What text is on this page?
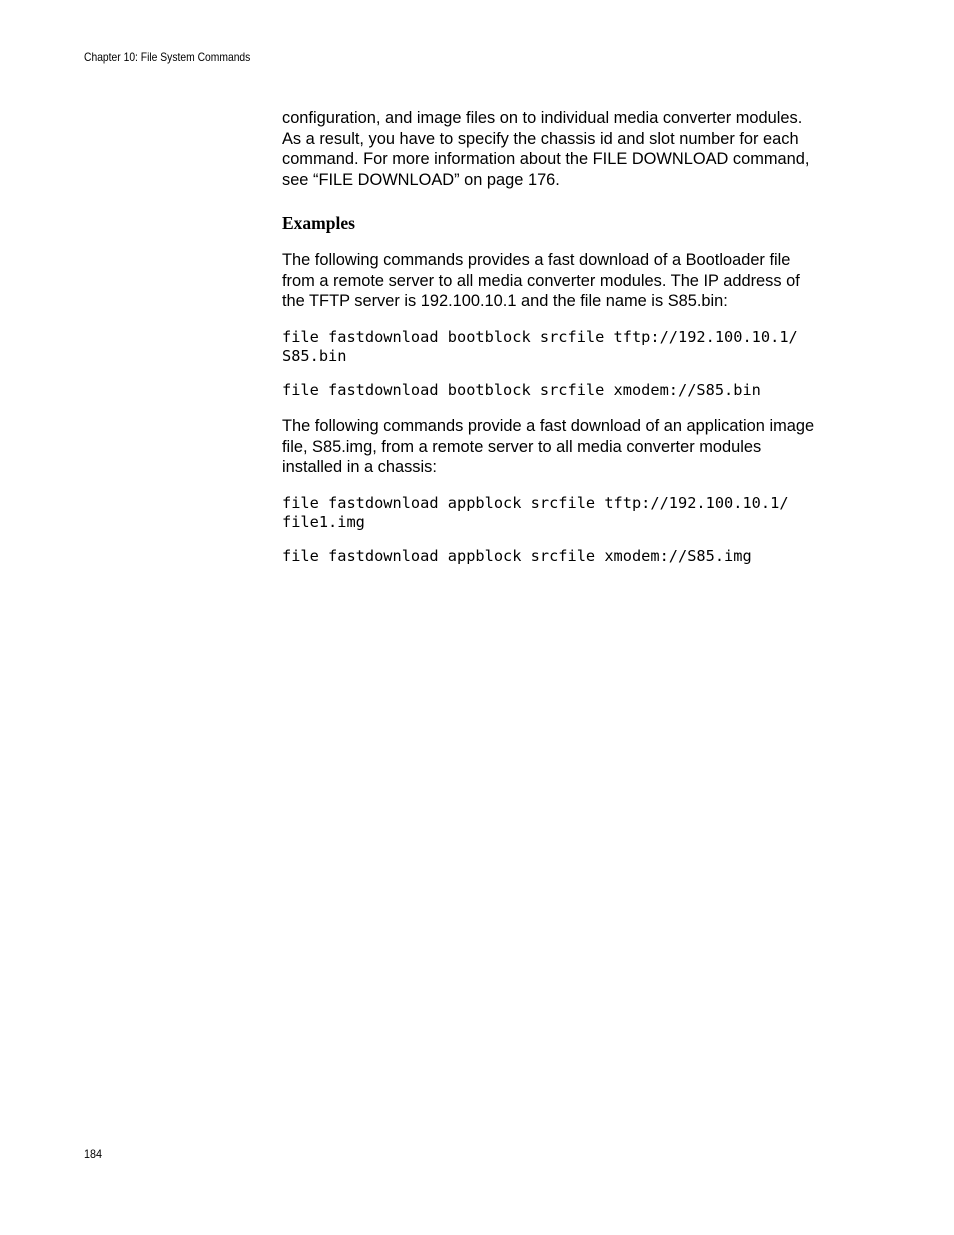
Chapter 10: File System Commands

configuration, and image files on to individual media converter modules.
As a result, you have to specify the chassis id and slot number for each
command. For more information about the FILE DOWNLOAD command,
see “FILE DOWNLOAD” on page 176.

Examples

The following commands provides a fast download of a Bootloader file
from a remote server to all media converter modules. The IP address of
the TFTP server is 192.100.10.1 and the file name is S85.bin:

file fastdownload bootblock srcfile tftp://192.100.10.1/
S85.bin
file fastdownload bootblock srcfile xmodem://S85.bin

The following commands provide a fast download of an application image
file, S85.img, from a remote server to all media converter modules
installed in a chassis:

file fastdownload appblock srcfile tftp://192.100.10.1/
file1.img
file fastdownload appblock srcfile xmodem://S85.img
184
